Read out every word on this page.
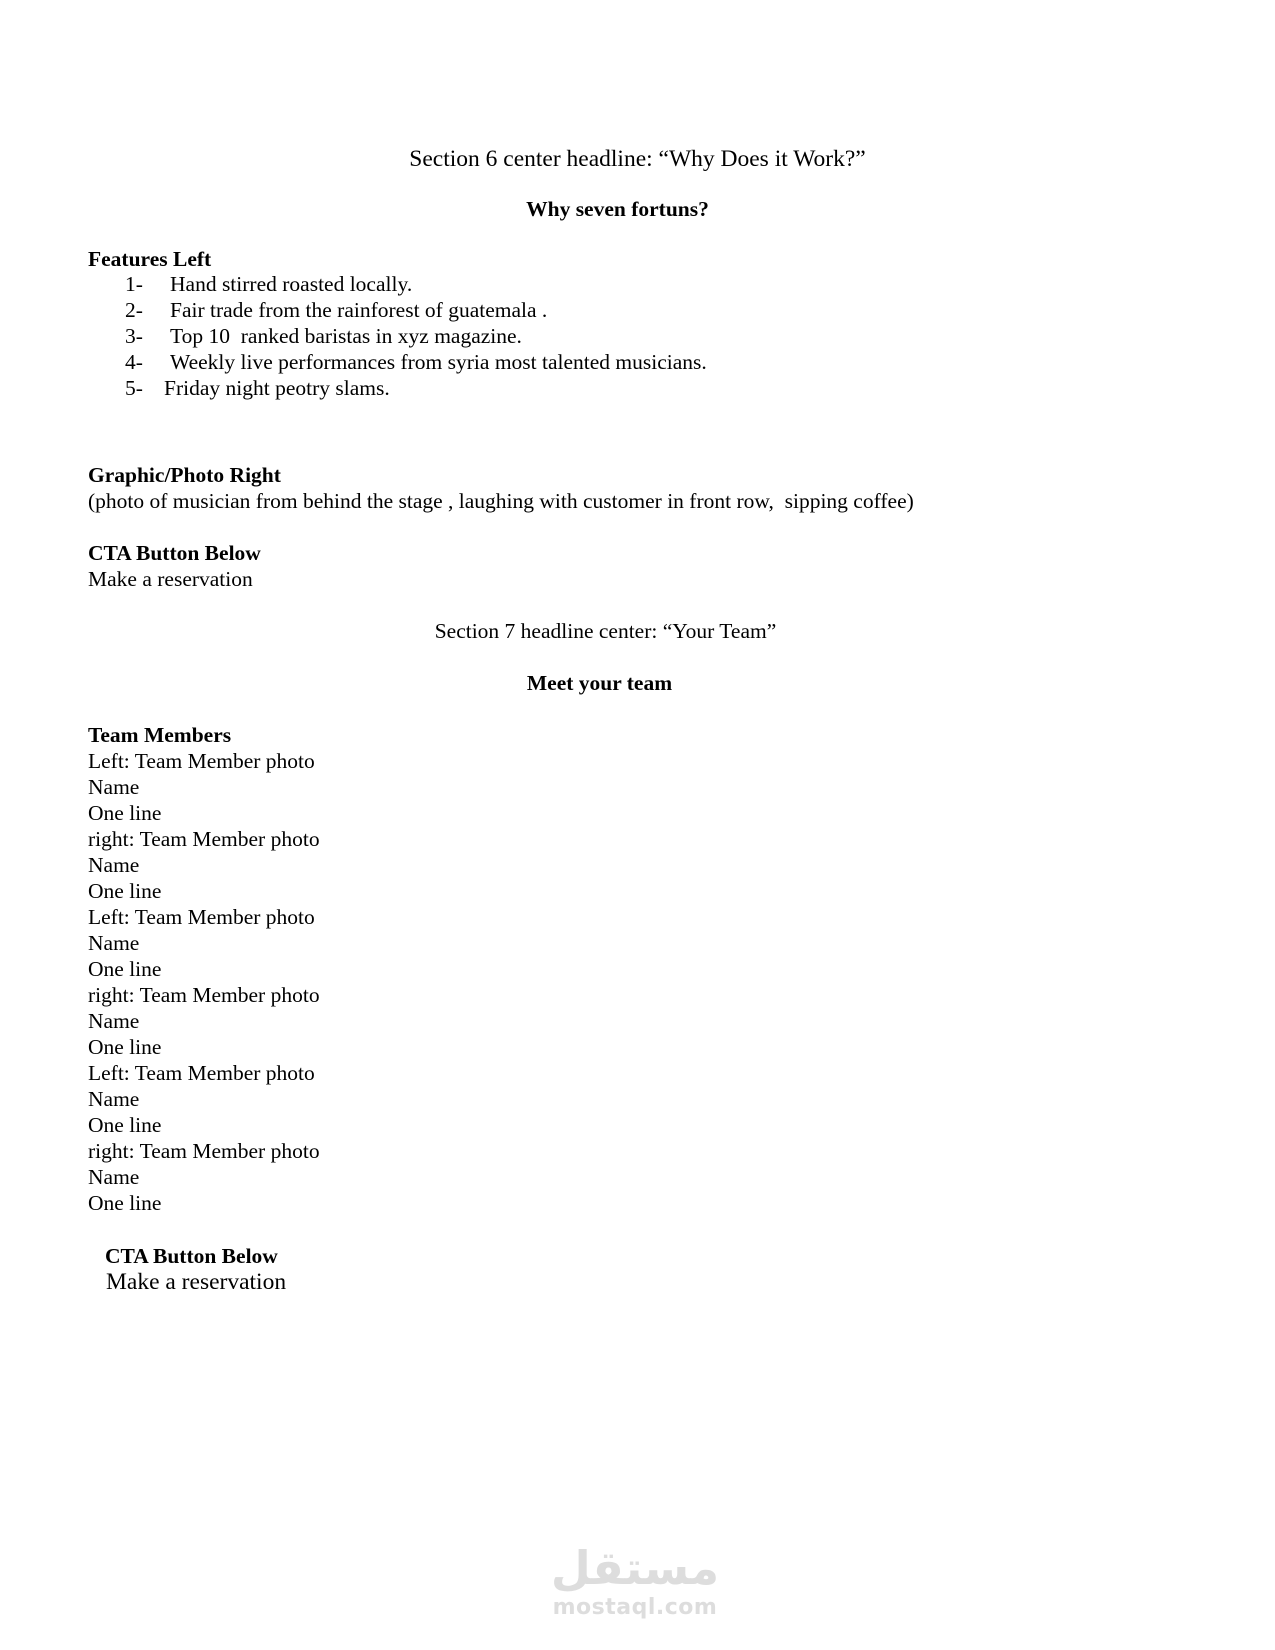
Section 6 center headline: “Why Does it Work?”
Why seven fortuns?
Features Left
1- Hand stirred roasted locally.
2- Fair trade from the rainforest of guatemala .
3- Top 10  ranked baristas in xyz magazine.
4- Weekly live performances from syria most talented musicians.
5- Friday night peotry slams.
Graphic/Photo Right
(photo of musician from behind the stage , laughing with customer in front row,  sipping coffee)
CTA Button Below
Make a reservation
Section 7 headline center: “Your Team”
Meet your team
Team Members
Left: Team Member photo
Name
One line
right: Team Member photo
Name
One line
Left: Team Member photo
Name
One line
right: Team Member photo
Name
One line
Left: Team Member photo
Name
One line
right: Team Member photo
Name
One line
CTA Button Below
Make a reservation
مستقل
mostaql.com
